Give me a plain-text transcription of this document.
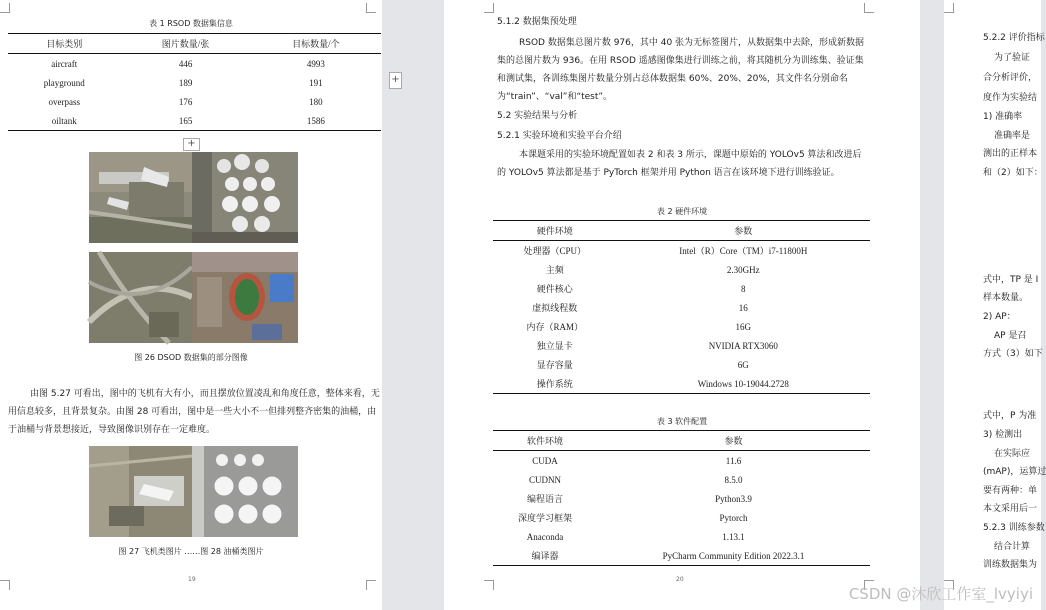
表 1 RSOD 数据集信息
目标类别	图片数量/张	目标数量/个
aircraft	446	4993
playground	189	191
overpass	176	180
oiltank	165	1586
+
+
图 26 DSOD 数据集的部分图像
由图 5.27 可看出，图中的飞机有大有小，而且摆放位置凌乱和角度任意，整体来看，无用信息较多，且背景复杂。由图 28 可看出，图中是一些大小不一但排列整齐密集的油桶，由于油桶与背景想接近，导致图像识别存在一定难度。
图 27 飞机类图片 ……图 28 油桶类图片
19
5.1.2 数据集预处理
RSOD 数据集总图片数 976，其中 40 张为无标签图片，从数据集中去除，形成新数据集的总图片数为 936。在用 RSOD 遥感图像集进行训练之前，将其随机分为训练集、验证集和测试集，各训练集图片数量分别占总体数据集 60%、20%、20%，其文件名分别命名为“train”、“val”和“test”。
5.2 实验结果与分析
5.2.1 实验环境和实验平台介绍
本课题采用的实验环境配置如表 2 和表 3 所示，课题中原始的 YOLOv5 算法和改进后的 YOLOv5 算法都是基于 PyTorch 框架并用 Python 语言在该环境下进行训练验证。
表 2 硬件环境
硬件环境	参数
处理器（CPU）	Intel（R）Core（TM）i7-11800H
主频	2.30GHz
硬件核心	8
虚拟线程数	16
内存（RAM）	16G
独立显卡	NVIDIA RTX3060
显存容量	6G
操作系统	Windows 10-19044.2728
表 3 软件配置
软件环境	参数
CUDA	11.6
CUDNN	8.5.0
编程语言	Python3.9
深度学习框架	Pytorch
Anaconda	1.13.1
编译器	PyCharm Community Edition 2022.3.1
20
5.2.2 评价指标
为了验证
合分析评价，
度作为实验结
1) 准确率
准确率是
测出的正样本
和（2）如下：
式中，TP 是 I
样本数量。
2) AP：
AP 是召
方式（3）如下
式中，P 为准
3) 检测出
在实际应
(mAP)，运算过
要有两种：单
本文采用后一
5.2.3 训练参数
结合计算
训练数据集为
CSDN @沐欣工作室_lvyiyi
